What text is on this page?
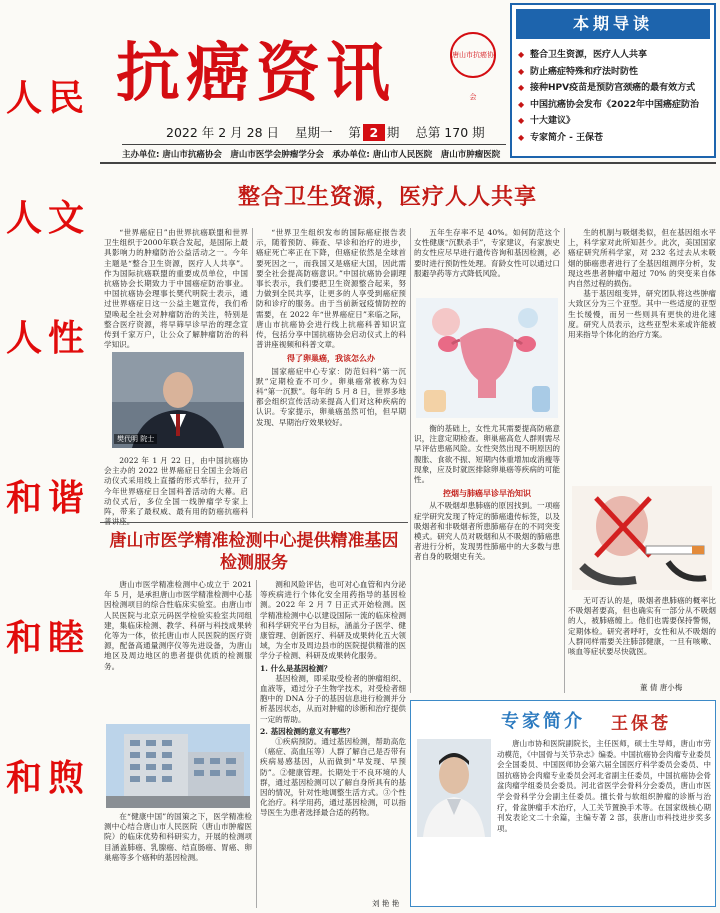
人民
人文
人性
和谐
和睦
和煦
抗癌资讯	唐山市抗癌协会
2022 年 2 月 28 日 星期一 第 2 期 总第 170 期
主办单位: 唐山市抗癌协会　唐山市医学会肿瘤学分会　承办单位: 唐山市人民医院　唐山市肿瘤医院
本期导读
◆ 整合卫生资源，医疗人人共享
◆ 防止癌症特殊和疗法时防性
◆ 接种HPV疫苗是预防宫颈癌的最有效方式
◆ 中国抗癌协会发布《2022年中国癌症防治
◆ 十大建议》
◆ 专家简介 - 王保苍
整合卫生资源，医疗人人共享

“世界癌症日”由世界抗癌联盟和世界卫生组织于2000年联合发起，是国际上最具影响力的肿瘤防治公益活动之一。今年主题是“整合卫生资源，医疗人人共享”。作为国际抗癌联盟的重要成员单位，中国抗癌协会长期致力于中国癌症防治事业。中国抗癌协会理事长樊代明院士表示，通过世界癌症日这一公益主题宣传，我们希望唤起全社会对肿瘤防治的关注，特别是整合医疗资源，将早筛早诊早治的理念宣传到千家万户，让公众了解肿瘤防治的科学知识。

樊代明 院士

2022 年 1 月 22 日，由中国抗癌协会主办的 2022 世界癌症日全国主会场启动仪式采用线上直播的形式举行，拉开了今年世界癌症日全国科普活动的大幕。启动仪式后，多位全国一线肿瘤学专家上阵，带来了最权威、最有用的防癌抗癌科

“世界卫生组织发布的国际癌症报告表示，随着预防、筛查、早诊和治疗的进步，癌症死亡率正在下降，但癌症依然是全球首要死因之一，而我国又是癌症大国，因此需要全社会提高防癌意识。”中国抗癌协会副理事长表示，我们要把卫生资源整合起来，努力做到全民共享，让更多的人享受到癌症预防和诊疗的服务。由于当前新冠疫情防控的需要，在 2022 年“世界癌症日”来临之际，唐山市抗癌协会进行线上抗癌科普知识宣传，包括分享中国抗癌协会启动仪式上的科普讲座视频和科普文章。

得了卵巢癌，我该怎么办

国家癌症中心专家：防范妇科“第一沉默”定期检查不可少。卵巢癌常被称为妇科“第一沉默”。每年的 5 月 8 日，世界多地都会组织宣传活动来提高人们对这种疾病的认识。专家提示，卵巢癌虽然可怕，但早期发现、早期治疗效果较好。

五年生存率不足 40%。如何防范这个女性健康“沉默杀手”，专家建议，有家族史的女性应尽早进行遗传咨询和基因检测，必要时进行预防性处理。育龄女性可以通过口服避孕药等方式降低风险。

衡的基础上，女性尤其需要提高防癌意识，注意定期检查。卵巢癌高危人群则需尽早评估患癌风险。女性突然出现不明原因的腹胀、食欲不振、短期内体重增加或消瘦等现象，应及时就医排除卵巢癌等疾病的可能性。

控烟与肺癌早诊早治知识

从不吸烟却患肺癌的原因找到。一项癌症学研究发现了特定的肺癌遗传标签，以及吸烟者和非吸烟者所患肺癌存在的不同突变模式。研究人员对吸烟和从不吸烟的肺癌患者进行分析，发现男性肺癌中的大多数与患者自身的吸烟史有关。

生的机制与吸烟类似，但在基因组水平上，科学家对此所知甚少。此次，美国国家癌症研究所科学家，对 232 名过去从未吸烟的肺癌患者进行了全基因组测序分析，发现这些患者肿瘤中超过 70% 的突变来自体内自然过程的损伤。

基于基因组变异，研究团队将这些肿瘤大致区分为三个亚型。其中一些适度的亚型生长缓慢，而另一些则具有更快的进化速度。研究人员表示，这些亚型未来或许能被用来指导个体化的治疗方案。

无可否认的是，吸烟者患肺癌的概率比不吸烟者要高，但也确实有一部分从不吸烟的人，被肺癌缠上。他们也需要保持警惕，定期体检。研究者呼吁，女性和从不吸烟的人群同样需要关注肺部健康，一旦有咳嗽、咳血等症状要尽快就医。

董 倩 唐小梅
唐山市医学精准检测中心提供精准基因检测服务

唐山市医学精准检测中心成立于 2021 年 5 月，是承担唐山市医学精准检测中心基因检测项目的综合性临床实验室。由唐山市人民医院与北京元码医学检验实验室共同组建，集临床检测、教学、科研与科技成果转化等为一体，依托唐山市人民医院的医疗资源，配备高通量测序仪等先进设备，为唐山地区及周边地区的患者提供优质的检测服务。

在“健康中国”的国策之下，医学精准检测中心结合唐山市人民医院（唐山市肿瘤医院）的临床优势和科研实力，开展的检测项目涵盖肺癌、乳腺癌、结直肠癌、胃癌、卵巢癌等多个癌种的基因检测。

测和风险评估，也可对心血管和内分泌等疾病进行个体化安全用药指导的基因检测。2022 年 2 月 7 日正式开始检测。医学精准检测中心以建设国际一流的临床检测和科学研究平台为目标，涵盖分子医学、健康管理、创新医疗、科研及成果转化五大领域，为全市及周边县市的医院提供精准的医学分子检测、科研及成果转化服务。

1. 什么是基因检测？

基因检测，即采取受检者的肿瘤组织、血液等，通过分子生物学技术，对受检者细胞中的 DNA 分子的基因信息进行检测并分析基因状态，从而对肿瘤的诊断和治疗提供一定的帮助。

2. 基因检测的意义有哪些？

①疾病预防。通过基因检测，帮助高危（癌症、高血压等）人群了解自己是否带有疾病易感基因，从而做到“早发现、早预防”。②健康管理。长期处于不良环境的人群，通过基因检测可以了解自身所具有的基因的情况，针对性地调整生活方式。③个性化治疗。科学用药，通过基因检测，可以指导医生为患者选择最合适的药物。

刘 艳 艳
专家简介 王保苍

唐山市协和医院副院长，主任医师，硕士生导师，唐山市劳动模范，《中国骨与关节杂志》编委。中国抗癌协会肉瘤专业委员会全国委员、中国医师协会第六届全国医疗科学委员会委员、中国抗癌协会肉瘤专业委员会河北省副主任委员，中国抗癌协会骨盆肉瘤学组委员会委员。河北省医学会骨科分会委员，唐山市医学会骨科学分会副主任委员。擅长骨与软组织肿瘤的诊断与治疗，骨盆肿瘤手术治疗，人工关节置换手术等。在国家级核心期刊发表论文二十余篇，主编专著 2 部，获唐山市科技进步奖多项。
